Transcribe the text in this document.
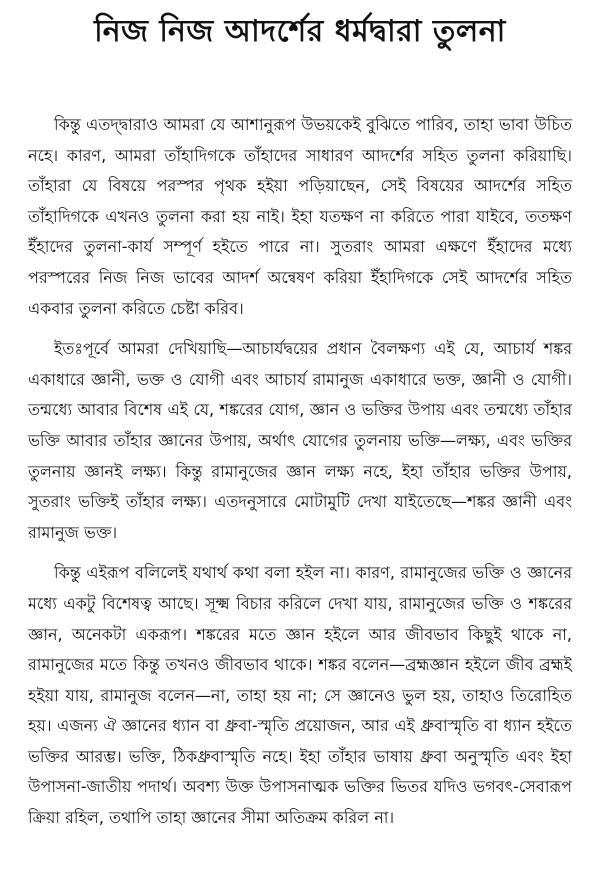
নিজ নিজ আদর্শের ধর্মদ্বারা তুলনা

কিন্তু এতদ্দ্বারাও আমরা যে আশানুরূপ উভয়কেই বুঝিতে পারিব, তাহা ভাবা উচিত নহে। কারণ, আমরা তাঁহাদিগকে তাঁহাদের সাধারণ আদর্শের সহিত তুলনা করিয়াছি। তাঁহারা যে বিষয়ে পরস্পর পৃথক হইয়া পড়িয়াছেন, সেই বিষয়ের আদর্শের সহিত তাঁহাদিগকে এখনও তুলনা করা হয় নাই। ইহা যতক্ষণ না করিতে পারা যাইবে, ততক্ষণ ইঁহাদের তুলনা-কার্য সম্পূর্ণ হইতে পারে না। সুতরাং আমরা এক্ষণে ইঁহাদের মধ্যে পরস্পরের নিজ নিজ ভাবের আদর্শ অন্বেষণ করিয়া ইঁহাদিগকে সেই আদর্শের সহিত একবার তুলনা করিতে চেষ্টা করিব।

ইতঃপূর্বে আমরা দেখিয়াছি—আচার্যদ্বয়ের প্রধান বৈলক্ষণ্য এই যে, আচার্য শঙ্কর একাধারে জ্ঞানী, ভক্ত ও যোগী এবং আচার্য রামানুজ একাধারে ভক্ত, জ্ঞানী ও যোগী। তন্মধ্যে আবার বিশেষ এই যে, শঙ্করের যোগ, জ্ঞান ও ভক্তির উপায় এবং তন্মধ্যে তাঁহার ভক্তি আবার তাঁহার জ্ঞানের উপায়, অর্থাৎ যোগের তুলনায় ভক্তি—লক্ষ্য, এবং ভক্তির তুলনায় জ্ঞানই লক্ষ্য। কিন্তু রামানুজের জ্ঞান লক্ষ্য নহে, ইহা তাঁহার ভক্তির উপায়, সুতরাং ভক্তিই তাঁহার লক্ষ্য। এতদনুসারে মোটামুটি দেখা যাইতেছে—শঙ্কর জ্ঞানী এবং রামানুজ ভক্ত।

কিন্তু এইরূপ বলিলেই যথার্থ কথা বলা হইল না। কারণ, রামানুজের ভক্তি ও জ্ঞানের মধ্যে একটু বিশেষত্ব আছে। সূক্ষ্ম বিচার করিলে দেখা যায়, রামানুজের ভক্তি ও শঙ্করের জ্ঞান, অনেকটা একরূপ। শঙ্করের মতে জ্ঞান হইলে আর জীবভাব কিছুই থাকে না, রামানুজের মতে কিন্তু তখনও জীবভাব থাকে। শঙ্কর বলেন—ব্রহ্মজ্ঞান হইলে জীব ব্রহ্মই হইয়া যায়, রামানুজ বলেন—না, তাহা হয় না; সে জ্ঞানেও ভুল হয়, তাহাও তিরোহিত হয়। এজন্য ঐ জ্ঞানের ধ্যান বা ধ্রুবা-স্মৃতি প্রয়োজন, আর এই ধ্রুবাস্মৃতি বা ধ্যান হইতে ভক্তির আরম্ভ। ভক্তি, ঠিকধ্রুবাস্মৃতি নহে। ইহা তাঁহার ভাষায় ধ্রুবা অনুস্মৃতি এবং ইহা উপাসনা-জাতীয় পদার্থ। অবশ্য উক্ত উপাসনাত্মক ভক্তির ভিতর যদিও ভগবৎ-সেবারূপ ক্রিয়া রহিল, তথাপি তাহা জ্ঞানের সীমা অতিক্রম করিল না।
